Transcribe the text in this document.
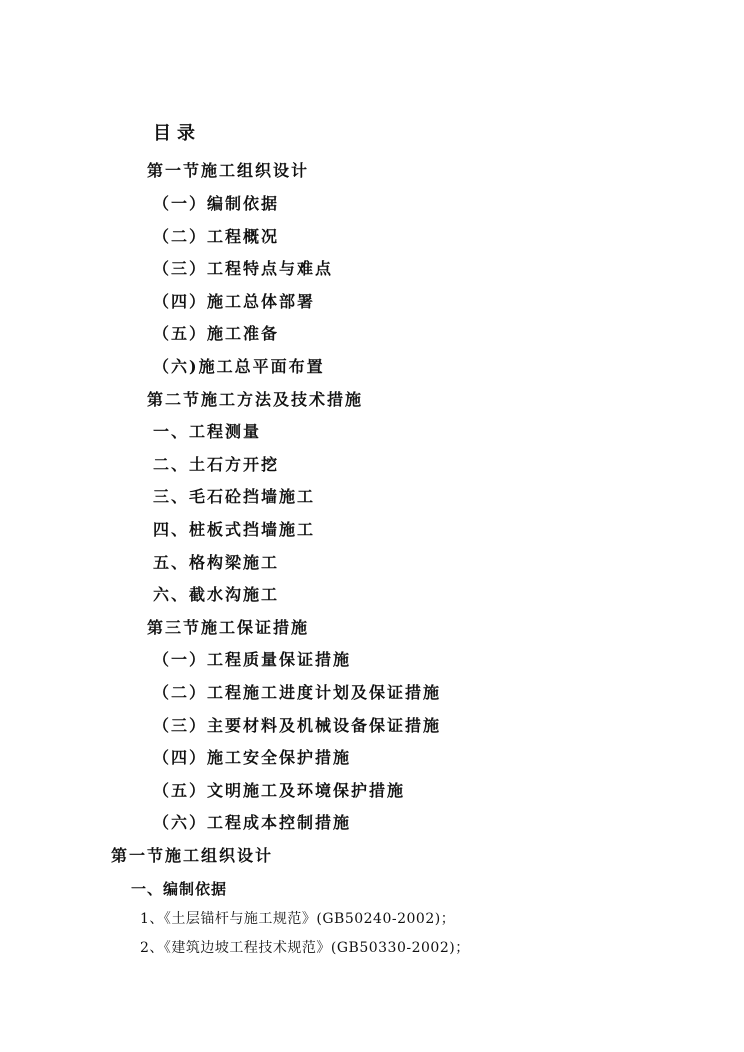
目录
第一节施工组织设计
（一）编制依据
（二）工程概况
（三）工程特点与难点
（四）施工总体部署
（五）施工准备
（六)施工总平面布置
第二节施工方法及技术措施
一、工程测量
二、土石方开挖
三、毛石砼挡墙施工
四、桩板式挡墙施工
五、格构梁施工
六、截水沟施工
第三节施工保证措施
（一）工程质量保证措施
（二）工程施工进度计划及保证措施
（三）主要材料及机械设备保证措施
（四）施工安全保护措施
（五）文明施工及环境保护措施
（六）工程成本控制措施
第一节施工组织设计
一、编制依据
1、《土层锚杆与施工规范》(GB50240-2002)；
2、《建筑边坡工程技术规范》(GB50330-2002)；
